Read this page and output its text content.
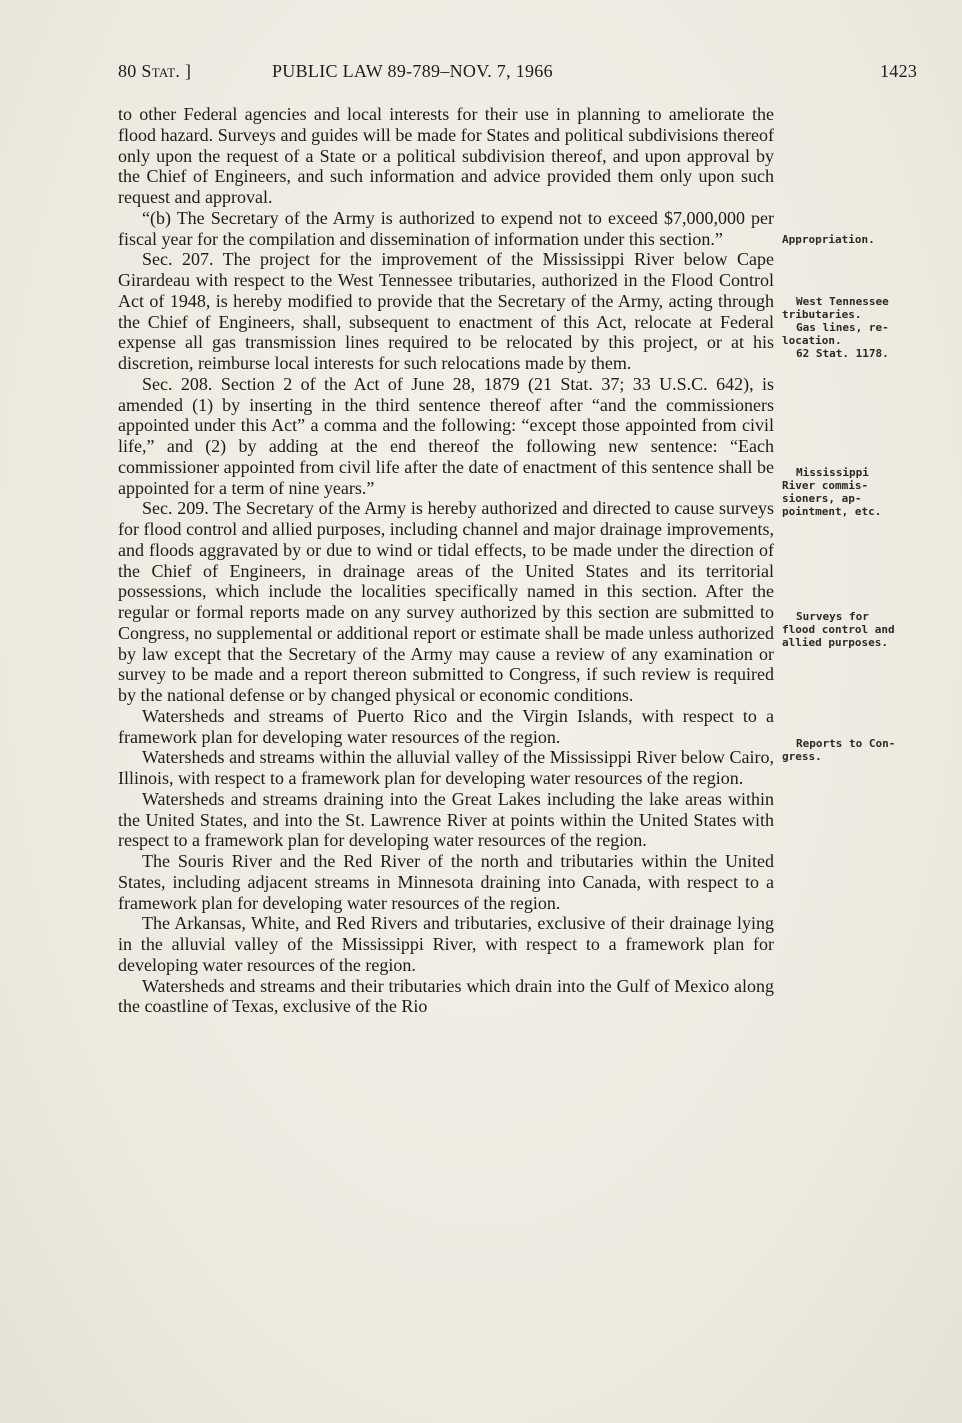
80 Stat. ]	PUBLIC LAW 89-789–NOV. 7, 1966	1423

to other Federal agencies and local interests for their use in planning to ameliorate the flood hazard. Surveys and guides will be made for States and political subdivisions thereof only upon the request of a State or a political subdivision thereof, and upon approval by the Chief of Engineers, and such information and advice provided them only upon such request and approval.

“(b) The Secretary of the Army is authorized to expend not to exceed $7,000,000 per fiscal year for the compilation and dissemination of information under this section.”

Sec. 207. The project for the improvement of the Mississippi River below Cape Girardeau with respect to the West Tennessee tributaries, authorized in the Flood Control Act of 1948, is hereby modified to provide that the Secretary of the Army, acting through the Chief of Engineers, shall, subsequent to enactment of this Act, relocate at Federal expense all gas transmission lines required to be relocated by this project, or at his discretion, reimburse local interests for such relocations made by them.

Sec. 208. Section 2 of the Act of June 28, 1879 (21 Stat. 37; 33 U.S.C. 642), is amended (1) by inserting in the third sentence thereof after “and the commissioners appointed under this Act” a comma and the following: “except those appointed from civil life,” and (2) by adding at the end thereof the following new sentence: “Each commissioner appointed from civil life after the date of enactment of this sentence shall be appointed for a term of nine years.”

Sec. 209. The Secretary of the Army is hereby authorized and directed to cause surveys for flood control and allied purposes, including channel and major drainage improvements, and floods aggravated by or due to wind or tidal effects, to be made under the direction of the Chief of Engineers, in drainage areas of the United States and its territorial possessions, which include the localities specifically named in this section. After the regular or formal reports made on any survey authorized by this section are submitted to Congress, no supplemental or additional report or estimate shall be made unless authorized by law except that the Secretary of the Army may cause a review of any examination or survey to be made and a report thereon submitted to Congress, if such review is required by the national defense or by changed physical or economic conditions.

Watersheds and streams of Puerto Rico and the Virgin Islands, with respect to a framework plan for developing water resources of the region.

Watersheds and streams within the alluvial valley of the Mississippi River below Cairo, Illinois, with respect to a framework plan for developing water resources of the region.

Watersheds and streams draining into the Great Lakes including the lake areas within the United States, and into the St. Lawrence River at points within the United States with respect to a framework plan for developing water resources of the region.

The Souris River and the Red River of the north and tributaries within the United States, including adjacent streams in Minnesota draining into Canada, with respect to a framework plan for developing water resources of the region.

The Arkansas, White, and Red Rivers and tributaries, exclusive of their drainage lying in the alluvial valley of the Mississippi River, with respect to a framework plan for developing water resources of the region.

Watersheds and streams and their tributaries which drain into the Gulf of Mexico along the coastline of Texas, exclusive of the Rio

Appropriation.
West Tennessee
tributaries.
Gas lines, re-
location.
62 Stat. 1178.
Mississippi
River commis-
sioners, ap-
pointment, etc.
Surveys for
flood control and
allied purposes.
Reports to Con-
gress.
